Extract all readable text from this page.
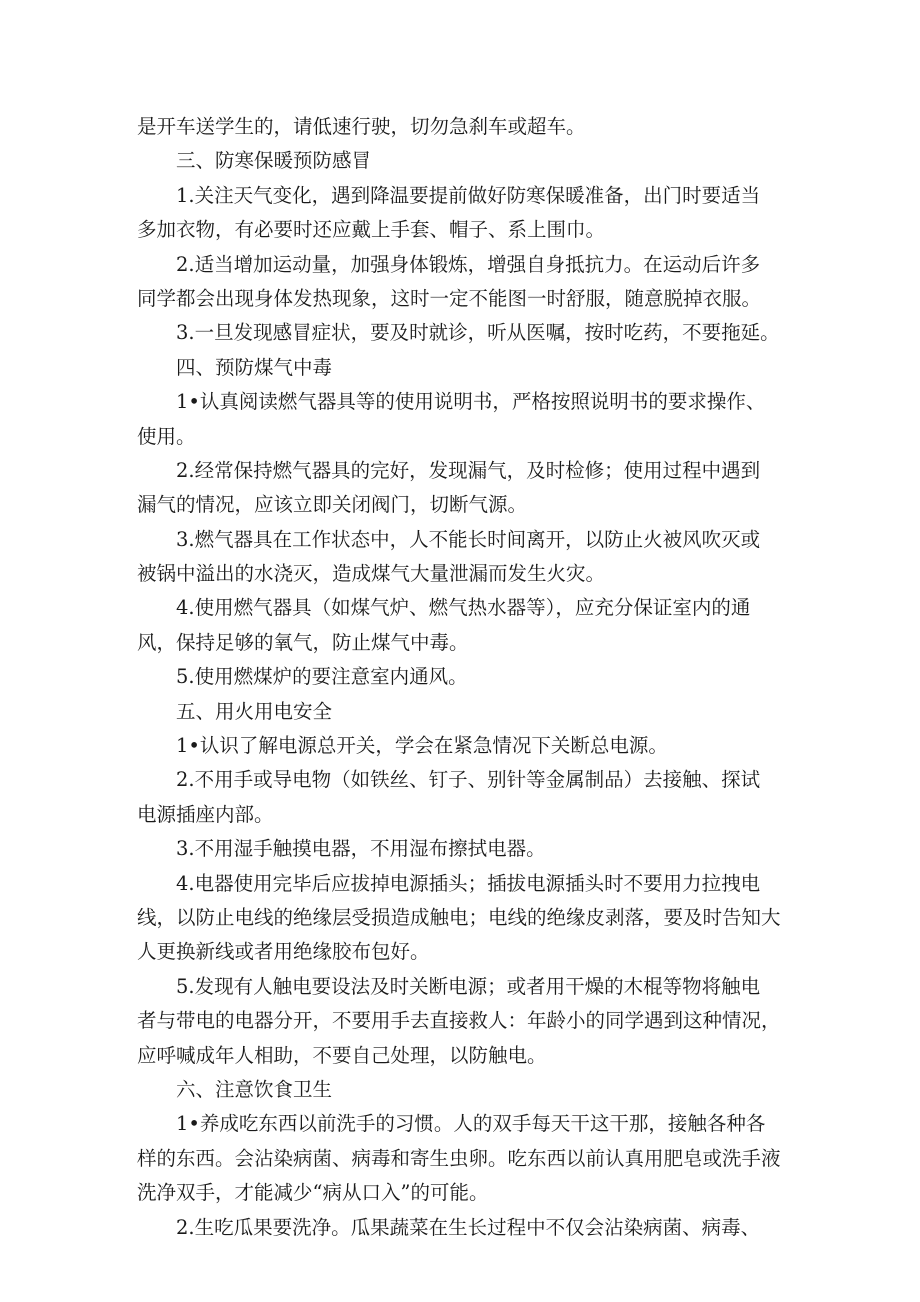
是开车送学生的，请低速行驶，切勿急刹车或超车。
三、防寒保暖预防感冒
1.关注天气变化，遇到降温要提前做好防寒保暖准备，出门时要适当
多加衣物，有必要时还应戴上手套、帽子、系上围巾。
2.适当增加运动量，加强身体锻炼，增强自身抵抗力。在运动后许多
同学都会出现身体发热现象，这时一定不能图一时舒服，随意脱掉衣服。
3.一旦发现感冒症状，要及时就诊，听从医嘱，按时吃药，不要拖延。
四、预防煤气中毒
1•认真阅读燃气器具等的使用说明书，严格按照说明书的要求操作、
使用。
2.经常保持燃气器具的完好，发现漏气，及时检修；使用过程中遇到
漏气的情况，应该立即关闭阀门，切断气源。
3.燃气器具在工作状态中，人不能长时间离开，以防止火被风吹灭或
被锅中溢出的水浇灭，造成煤气大量泄漏而发生火灾。
4.使用燃气器具（如煤气炉、燃气热水器等），应充分保证室内的通
风，保持足够的氧气，防止煤气中毒。
5.使用燃煤炉的要注意室内通风。
五、用火用电安全
1•认识了解电源总开关，学会在紧急情况下关断总电源。
2.不用手或导电物（如铁丝、钉子、别针等金属制品）去接触、探试
电源插座内部。
3.不用湿手触摸电器，不用湿布擦拭电器。
4.电器使用完毕后应拔掉电源插头；插拔电源插头时不要用力拉拽电
线，以防止电线的绝缘层受损造成触电；电线的绝缘皮剥落，要及时告知大
人更换新线或者用绝缘胶布包好。
5.发现有人触电要设法及时关断电源；或者用干燥的木棍等物将触电
者与带电的电器分开，不要用手去直接救人：年龄小的同学遇到这种情况，
应呼喊成年人相助，不要自己处理，以防触电。
六、注意饮食卫生
1•养成吃东西以前洗手的习惯。人的双手每天干这干那，接触各种各
样的东西。会沾染病菌、病毒和寄生虫卵。吃东西以前认真用肥皂或洗手液
洗净双手，才能减少“病从口入”的可能。
2.生吃瓜果要洗净。瓜果蔬菜在生长过程中不仅会沾染病菌、病毒、
